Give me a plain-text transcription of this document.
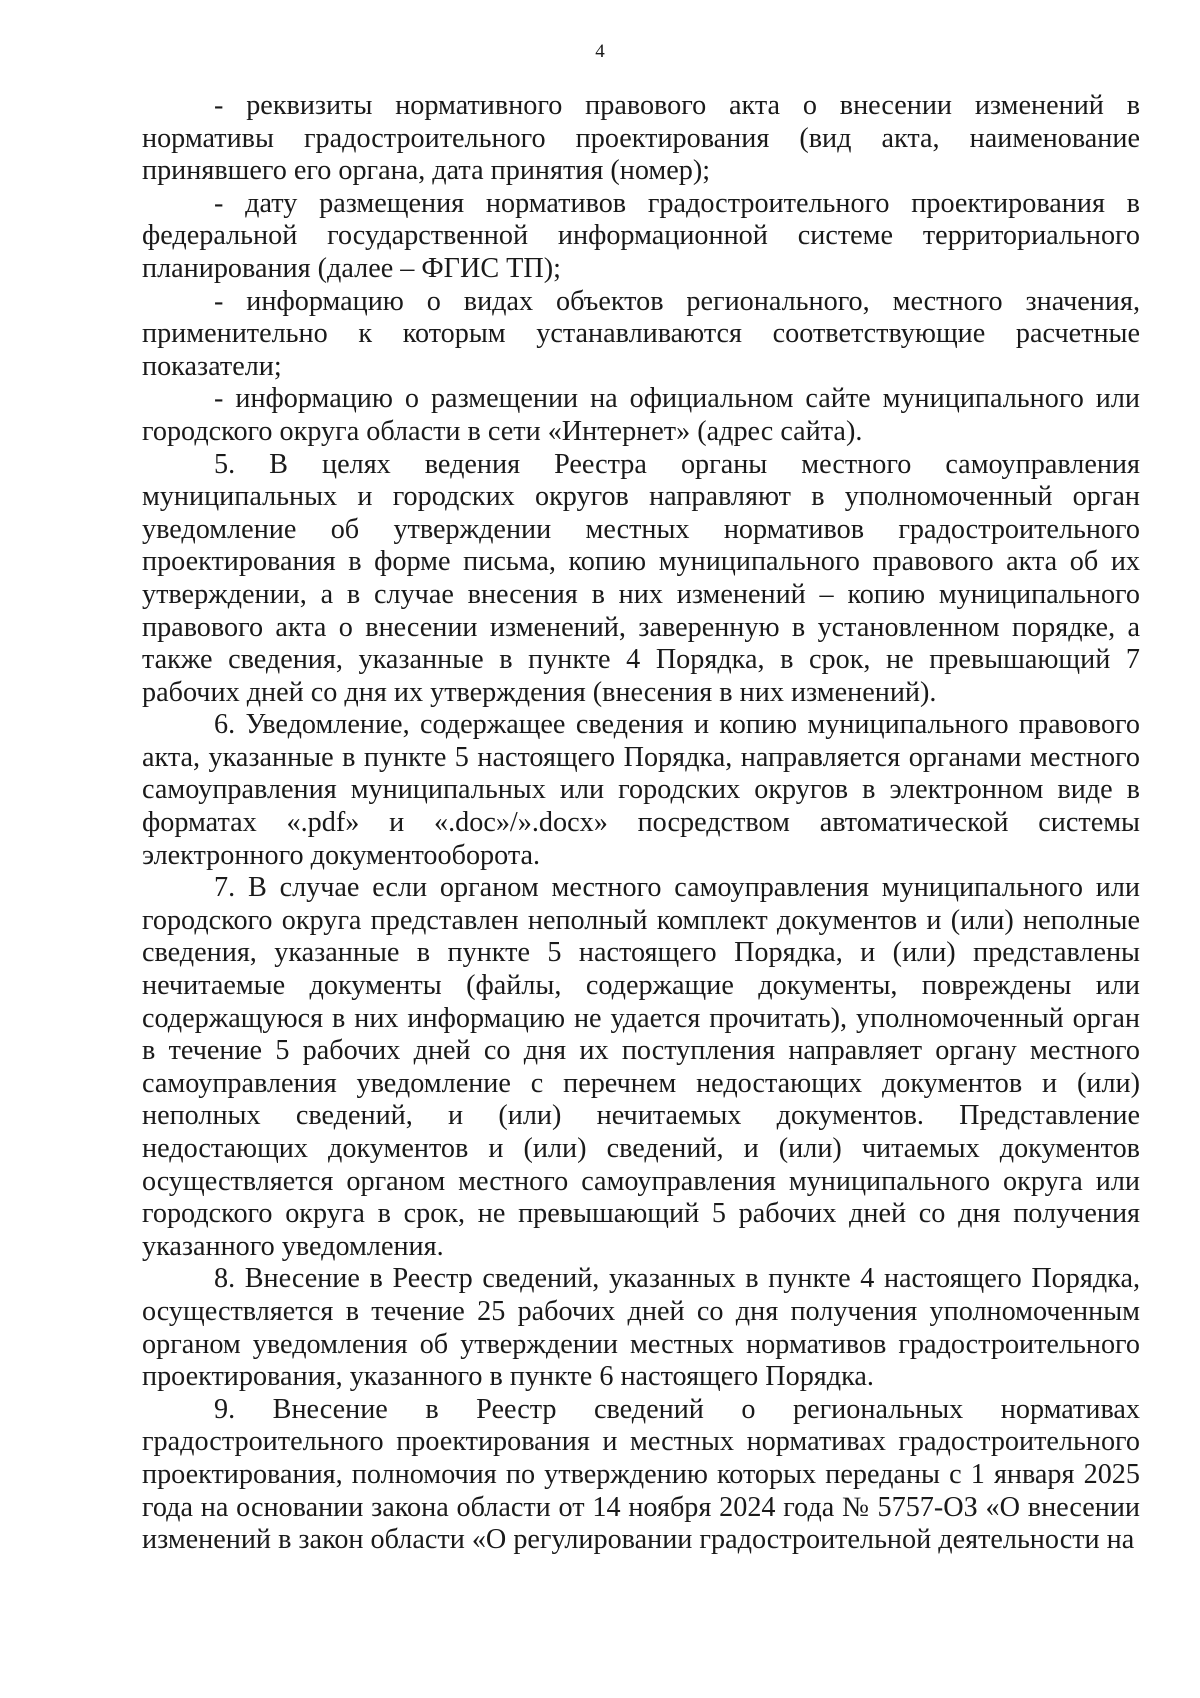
4

- реквизиты нормативного правового акта о внесении изменений в нормативы градостроительного проектирования (вид акта, наименование принявшего его органа, дата принятия (номер);

- дату размещения нормативов градостроительного проектирования в федеральной государственной информационной системе территориального планирования (далее – ФГИС ТП);

- информацию о видах объектов регионального, местного значения, применительно к которым устанавливаются соответствующие расчетные показатели;

- информацию о размещении на официальном сайте муниципального или городского округа области в сети «Интернет» (адрес сайта).

5. В целях ведения Реестра органы местного самоуправления муниципальных и городских округов направляют в уполномоченный орган уведомление об утверждении местных нормативов градостроительного проектирования в форме письма, копию муниципального правового акта об их утверждении, а в случае внесения в них изменений – копию муниципального правового акта о внесении изменений, заверенную в установленном порядке, а также сведения, указанные в пункте 4 Порядка, в срок, не превышающий 7 рабочих дней со дня их утверждения (внесения в них изменений).

6. Уведомление, содержащее сведения и копию муниципального правового акта, указанные в пункте 5 настоящего Порядка, направляется органами местного самоуправления муниципальных или городских округов в электронном виде в форматах «.pdf» и «.doc»/».docx» посредством автоматической системы электронного документооборота.

7. В случае если органом местного самоуправления муниципального или городского округа представлен неполный комплект документов и (или) неполные сведения, указанные в пункте 5 настоящего Порядка, и (или) представлены нечитаемые документы (файлы, содержащие документы, повреждены или содержащуюся в них информацию не удается прочитать), уполномоченный орган в течение 5 рабочих дней со дня их поступления направляет органу местного самоуправления уведомление с перечнем недостающих документов и (или) неполных сведений, и (или) нечитаемых документов. Представление недостающих документов и (или) сведений, и (или) читаемых документов осуществляется органом местного самоуправления муниципального округа или городского округа в срок, не превышающий 5 рабочих дней со дня получения указанного уведомления.

8. Внесение в Реестр сведений, указанных в пункте 4 настоящего Порядка, осуществляется в течение 25 рабочих дней со дня получения уполномоченным органом уведомления об утверждении местных нормативов градостроительного проектирования, указанного в пункте 6 настоящего Порядка.

9. Внесение в Реестр сведений о региональных нормативах градостроительного проектирования и местных нормативах градостроительного проектирования, полномочия по утверждению которых переданы с 1 января 2025 года на основании закона области от 14 ноября 2024 года № 5757-ОЗ «О внесении изменений в закон области «О регулировании градостроительной деятельности на
